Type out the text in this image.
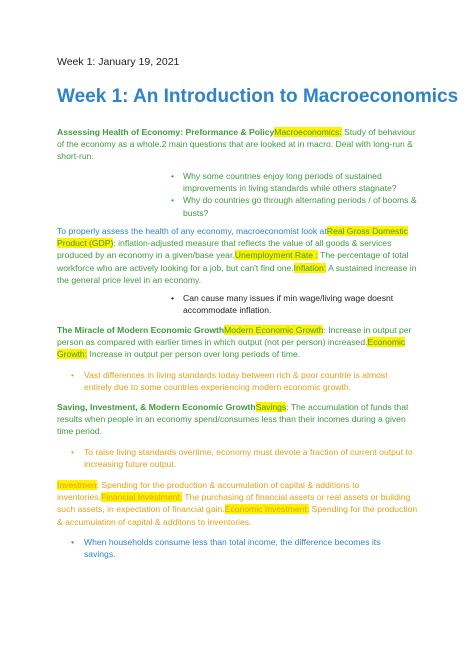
Week 1: January 19, 2021
Week 1: An Introduction to Macroeconomics
Assessing Health of Economy: Preformance & PolicyMacroeconomics: Study of behaviour of the economy as a whole.2 main questions that are looked at in macro. Deal with long-run & short-run.
• Why some countries enjoy long periods of sustained improvements in living standards while others stagnate?
• Why do countries go through alternating periods / of booms & busts?
To properly assess the health of any economy, macroeconomist look atReal Gross Domestic Product (GDP): inflation-adjusted measure that reflects the value of all goods & services produced by an economy in a given/base year.Unemployment Rate : The percentage of total workforce who are actively looking for a job, but can't find one.Inflation: A sustained increase in the general price level in an economy.
• Can cause many issues if min wage/living wage doesnt accommodate inflation.
The Miracle of Modern Economic GrowthModern Economic Growth: Increase in output per person as compared with earlier times in which output (not per person) increased.Economic Growth: Increase in output per person over long periods of time.
• Vast differences in living standards today between rich & poor countrie is almost entirely due to some countries experiencing modern economic growth.
Saving, Investment, & Modern Economic GrowthSavings: The accumulation of funds that results when people in an economy spend/consumes less than their incomes during a given time period.
• To raise living standards overtime, economy must devote a fraction of current output to increasing future output.
Investmen: Spending for the production & accumulation of capital & additions to inventories.Financial Investment: The purchasing of financial assets or real assets or building such assets, in expectation of financial gain.Economic Investment: Spending for the production & accumulation of capital & additons to inventories.
• When households consume less than total income, the difference becomes its savings.
